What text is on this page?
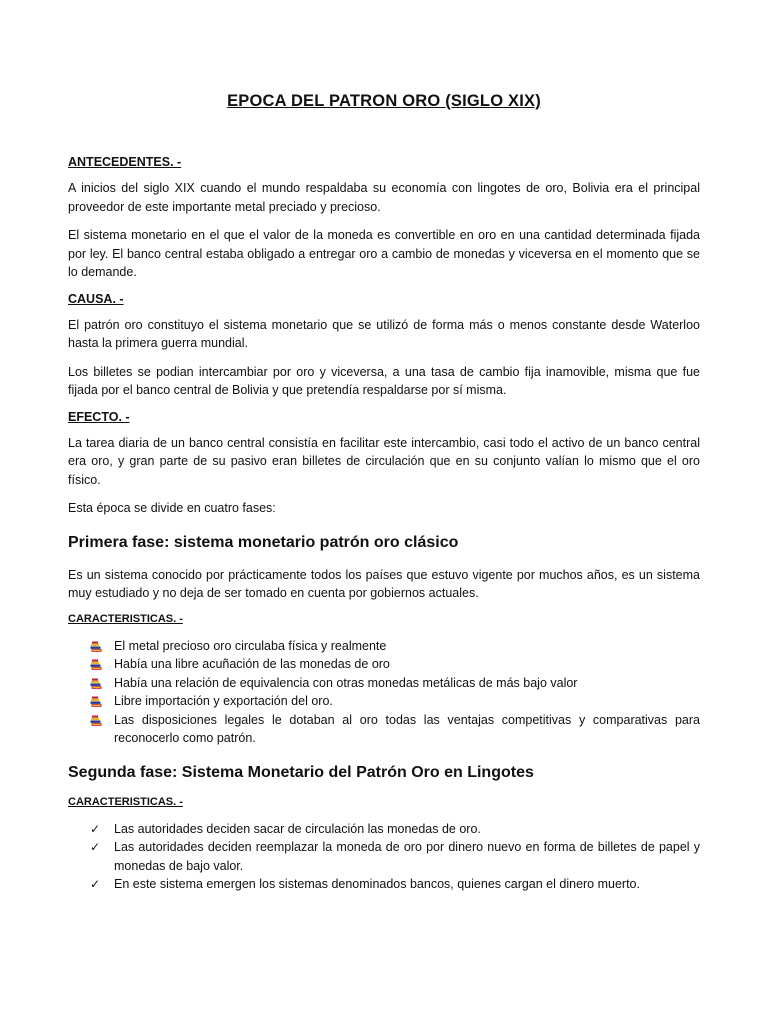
EPOCA DEL PATRON ORO (SIGLO XIX)
ANTECEDENTES. -

A inicios del siglo XIX cuando el mundo respaldaba su economía con lingotes de oro, Bolivia era el principal proveedor de este importante metal preciado y precioso.

El sistema monetario en el que el valor de la moneda es convertible en oro en una cantidad determinada fijada por ley. El banco central estaba obligado a entregar oro a cambio de monedas y viceversa en el momento que se lo demande.

CAUSA. -

El patrón oro constituyo el sistema monetario que se utilizó de forma más o menos constante desde Waterloo hasta la primera guerra mundial.

Los billetes se podian intercambiar por oro y viceversa, a una tasa de cambio fija inamovible, misma que fue fijada por el banco central de Bolivia y que pretendía respaldarse por sí misma.

EFECTO. -

La tarea diaria de un banco central consistía en facilitar este intercambio, casi todo el activo de un banco central era oro, y gran parte de su pasivo eran billetes de circulación que en su conjunto valían lo mismo que el oro físico.

Esta época se divide en cuatro fases:

Primera fase: sistema monetario patrón oro clásico

Es un sistema conocido por prácticamente todos los países que estuvo vigente por muchos años, es un sistema muy estudiado y no deja de ser tomado en cuenta por gobiernos actuales.

CARACTERISTICAS. -
El metal precioso oro circulaba física y realmente
Había una libre acuñación de las monedas de oro
Había una relación de equivalencia con otras monedas metálicas de más bajo valor
Libre importación y exportación del oro.
Las disposiciones legales le dotaban al oro todas las ventajas competitivas y comparativas para reconocerlo como patrón.
Segunda fase: Sistema Monetario del Patrón Oro en Lingotes
CARACTERISTICAS. -
✓ Las autoridades deciden sacar de circulación las monedas de oro.
✓ Las autoridades deciden reemplazar la moneda de oro por dinero nuevo en forma de billetes de papel y monedas de bajo valor.
✓ En este sistema emergen los sistemas denominados bancos, quienes cargan el dinero muerto.
